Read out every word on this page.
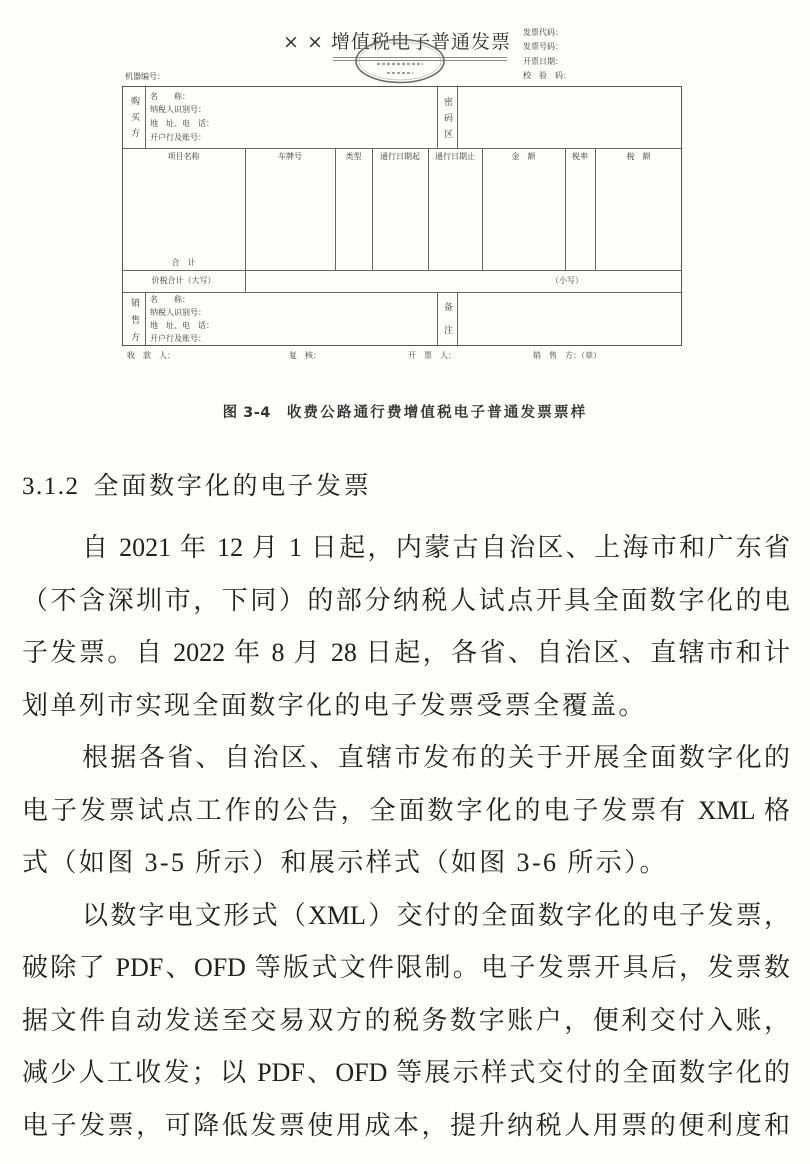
× × 增值税电子普通发票	发票代码：
发票号码：
开票日期：
校　验　码：
机器编号：
购买方 名　　称：
纳税人识别号：
地　址、电　话：
开户行及账号：	密码区
项目名称	车牌号	类型	通行日期起	通行日期止	金　额	税率	税　额
合　计
价税合计（大写）	（小写）
销售方 名　　称：
纳税人识别号：
地　址、电　话：
开户行及账号：	备注
收　款　人：	复　核：	开　票　人：	销　售　方：（章）
图 3-4 收费公路通行费增值税电子普通发票票样
3.1.2 全面数字化的电子发票
自 2021 年 12 月 1 日起，内蒙古自治区、上海市和广东省
（不含深圳市，下同）的部分纳税人试点开具全面数字化的电
子发票。自 2022 年 8 月 28 日起，各省、自治区、直辖市和计
划单列市实现全面数字化的电子发票受票全覆盖。
根据各省、自治区、直辖市发布的关于开展全面数字化的
电子发票试点工作的公告，全面数字化的电子发票有 XML 格
式（如图 3-5 所示）和展示样式（如图 3-6 所示）。
以数字电文形式（XML）交付的全面数字化的电子发票，
破除了 PDF、OFD 等版式文件限制。电子发票开具后，发票数
据文件自动发送至交易双方的税务数字账户，便利交付入账，
减少人工收发；以 PDF、OFD 等展示样式交付的全面数字化的
电子发票，可降低发票使用成本，提升纳税人用票的便利度和
